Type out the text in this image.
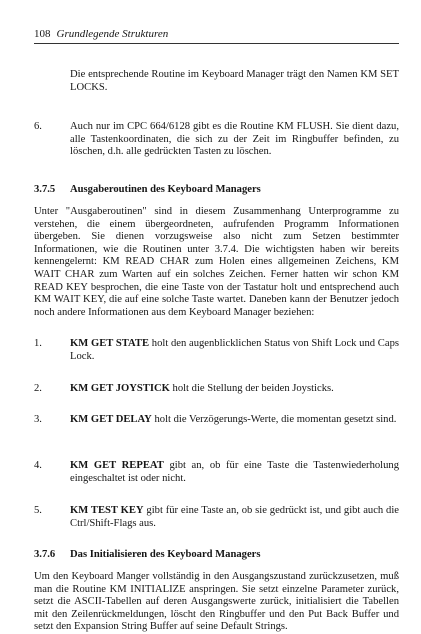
108 Grundlegende Strukturen
Die entsprechende Routine im Keyboard Manager trägt den Namen KM SET LOCKS.
6.	Auch nur im CPC 664/6128 gibt es die Routine KM FLUSH. Sie dient dazu, alle Tastenkoordinaten, die sich zu der Zeit im Ringbuffer befinden, zu löschen, d.h. alle gedrückten Tasten zu löschen.
3.7.5 Ausgaberoutinen des Keyboard Managers
Unter "Ausgaberoutinen" sind in diesem Zusammenhang Unterprogramme zu verstehen, die einem übergeordneten, aufrufenden Programm Informationen übergeben. Sie dienen vorzugsweise also nicht zum Setzen bestimmter Informationen, wie die Routinen unter 3.7.4. Die wichtigsten haben wir bereits kennengelernt: KM READ CHAR zum Holen eines allgemeinen Zeichens, KM WAIT CHAR zum Warten auf ein solches Zeichen. Ferner hatten wir schon KM READ KEY besprochen, die eine Taste von der Tastatur holt und entsprechend auch KM WAIT KEY, die auf eine solche Taste wartet. Daneben kann der Benutzer jedoch noch andere Informationen aus dem Keyboard Manager beziehen:
1.	KM GET STATE holt den augenblicklichen Status von Shift Lock und Caps Lock.
2.	KM GET JOYSTICK holt die Stellung der beiden Joysticks.
3.	KM GET DELAY holt die Verzögerungs-Werte, die momentan gesetzt sind.
4.	KM GET REPEAT gibt an, ob für eine Taste die Tastenwiederholung eingeschaltet ist oder nicht.
5.	KM TEST KEY gibt für eine Taste an, ob sie gedrückt ist, und gibt auch die Ctrl/Shift-Flags aus.
3.7.6 Das Initialisieren des Keyboard Managers
Um den Keyboard Manger vollständig in den Ausgangszustand zurückzusetzen, muß man die Routine KM INITIALIZE anspringen. Sie setzt einzelne Parameter zurück, setzt die ASCII-Tabellen auf deren Ausgangswerte zurück, initialisiert die Tabellen mit den Zeilenrückmeldungen, löscht den Ringbuffer und den Put Back Buffer und setzt den Expansion String Buffer auf seine Default Strings.
